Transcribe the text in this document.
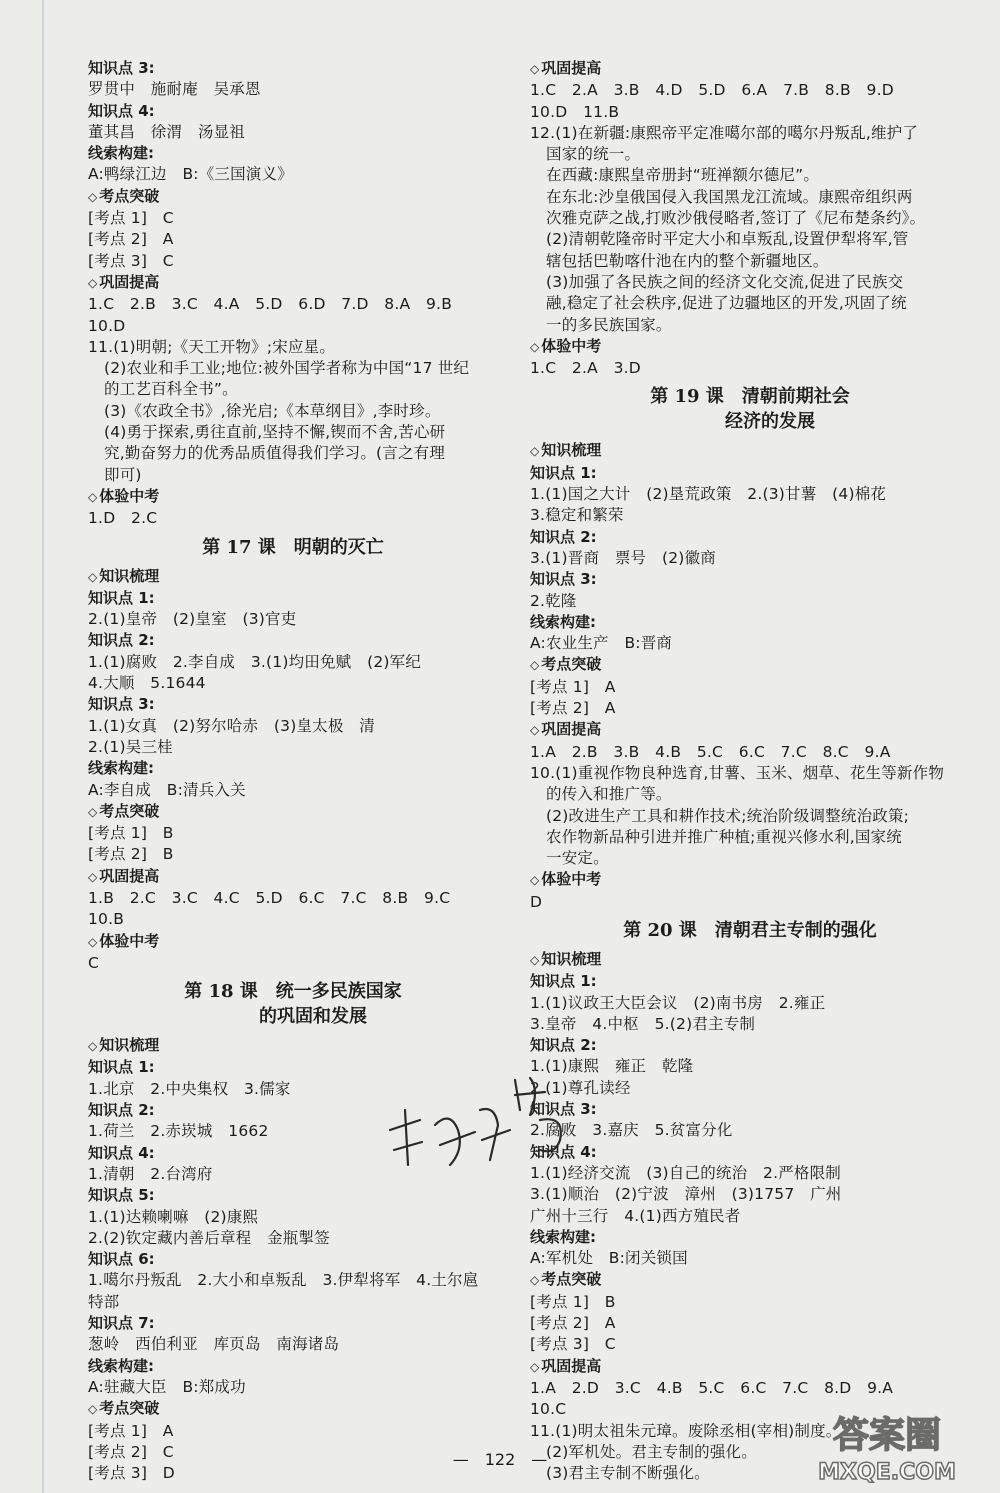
知识点 3:
罗贯中　施耐庵　吴承恩
知识点 4:
董其昌　徐渭　汤显祖
线索构建:
A:鸭绿江边　B:《三国演义》
◇ 考点突破
[考点 1]　C
[考点 2]　A
[考点 3]　C
◇ 巩固提高
1.C　2.B　3.C　4.A　5.D　6.D　7.D　8.A　9.B
10.D
11.(1)明朝;《天工开物》;宋应星。
(2)农业和手工业;地位:被外国学者称为中国“17 世纪
的工艺百科全书”。
(3)《农政全书》,徐光启;《本草纲目》,李时珍。
(4)勇于探索,勇往直前,坚持不懈,锲而不舍,苦心研
究,勤奋努力的优秀品质值得我们学习。(言之有理
即可)
◇ 体验中考
1.D　2.C
第 17 课　明朝的灭亡
◇ 知识梳理
知识点 1:
2.(1)皇帝　(2)皇室　(3)官吏
知识点 2:
1.(1)腐败　2.李自成　3.(1)均田免赋　(2)军纪
4.大顺　5.1644
知识点 3:
1.(1)女真　(2)努尔哈赤　(3)皇太极　清
2.(1)吴三桂
线索构建:
A:李自成　B:清兵入关
◇ 考点突破
[考点 1]　B
[考点 2]　B
◇ 巩固提高
1.B　2.C　3.C　4.C　5.D　6.C　7.C　8.B　9.C
10.B
◇ 体验中考
C
第 18 课　统一多民族国家
的巩固和发展
◇ 知识梳理
知识点 1:
1.北京　2.中央集权　3.儒家
知识点 2:
1.荷兰　2.赤崁城　1662
知识点 4:
1.清朝　2.台湾府
知识点 5:
1.(1)达赖喇嘛　(2)康熙
2.(2)钦定藏内善后章程　金瓶掣签
知识点 6:
1.噶尔丹叛乱　2.大小和卓叛乱　3.伊犁将军　4.土尔扈
特部
知识点 7:
葱岭　西伯利亚　库页岛　南海诸岛
线索构建:
A:驻藏大臣　B:郑成功
◇ 考点突破
[考点 1]　A
[考点 2]　C
[考点 3]　D
◇ 巩固提高
1.C　2.A　3.B　4.D　5.D　6.A　7.B　8.B　9.D
10.D　11.B
12.(1)在新疆:康熙帝平定准噶尔部的噶尔丹叛乱,维护了
国家的统一。
在西藏:康熙皇帝册封“班禅额尔德尼”。
在东北:沙皇俄国侵入我国黑龙江流域。康熙帝组织两
次雅克萨之战,打败沙俄侵略者,签订了《尼布楚条约》。
(2)清朝乾隆帝时平定大小和卓叛乱,设置伊犁将军,管
辖包括巴勒喀什池在内的整个新疆地区。
(3)加强了各民族之间的经济文化交流,促进了民族交
融,稳定了社会秩序,促进了边疆地区的开发,巩固了统
一的多民族国家。
◇ 体验中考
1.C　2.A　3.D
第 19 课　清朝前期社会
经济的发展
◇ 知识梳理
知识点 1:
1.(1)国之大计　(2)垦荒政策　2.(3)甘薯　(4)棉花
3.稳定和繁荣
知识点 2:
3.(1)晋商　票号　(2)徽商
知识点 3:
2.乾隆
线索构建:
A:农业生产　B:晋商
◇ 考点突破
[考点 1]　A
[考点 2]　A
◇ 巩固提高
1.A　2.B　3.B　4.B　5.C　6.C　7.C　8.C　9.A
10.(1)重视作物良种选育,甘薯、玉米、烟草、花生等新作物
的传入和推广等。
(2)改进生产工具和耕作技术;统治阶级调整统治政策;
农作物新品种引进并推广种植;重视兴修水利,国家统
一安定。
◇ 体验中考
D
第 20 课　清朝君主专制的强化
◇ 知识梳理
知识点 1:
1.(1)议政王大臣会议　(2)南书房　2.雍正
3.皇帝　4.中枢　5.(2)君主专制
知识点 2:
1.(1)康熙　雍正　乾隆
2.(1)尊孔读经
知识点 3:
2.腐败　3.嘉庆　5.贫富分化
知识点 4:
1.(1)经济交流　(3)自己的统治　2.严格限制
3.(1)顺治　(2)宁波　漳州　(3)1757　广州
广州十三行　4.(1)西方殖民者
线索构建:
A:军机处　B:闭关锁国
◇ 考点突破
[考点 1]　B
[考点 2]　A
[考点 3]　C
◇ 巩固提高
1.A　2.D　3.C　4.B　5.C　6.C　7.C　8.D　9.A
10.C
11.(1)明太祖朱元璋。废除丞相(宰相)制度。
(2)军机处。君主专制的强化。
(3)君主专制不断强化。
—　122　—
答案圈
MXQE.COM
